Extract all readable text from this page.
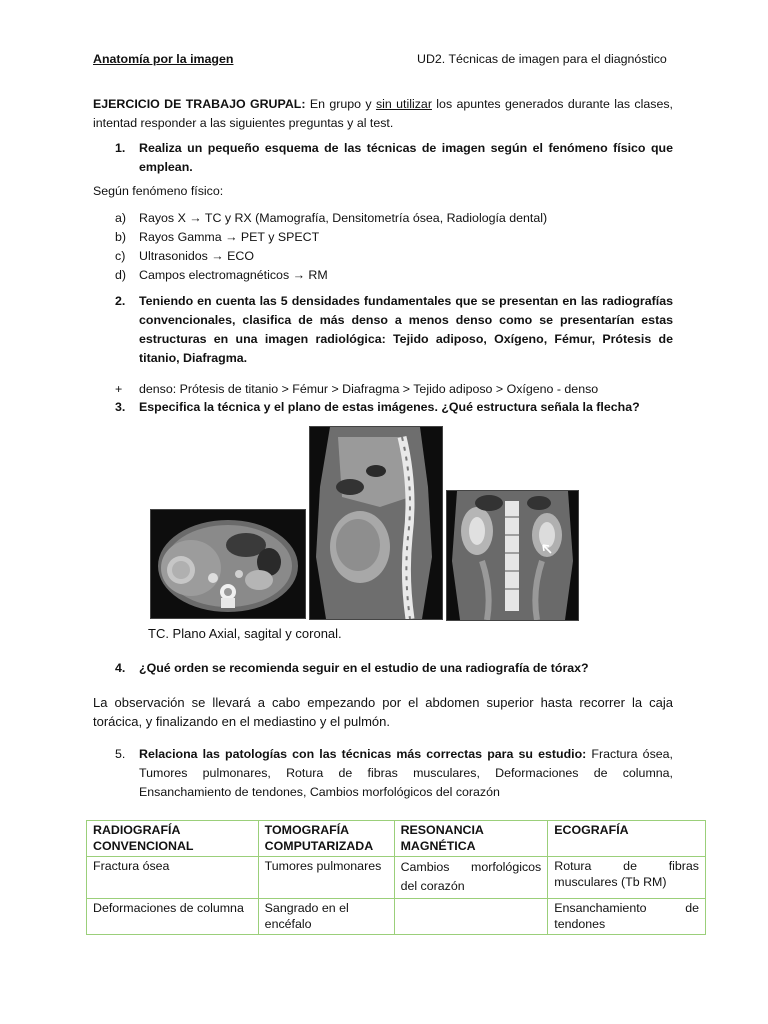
Anatomía por la imagen	UD2. Técnicas de imagen para el diagnóstico
EJERCICIO DE TRABAJO GRUPAL: En grupo y sin utilizar los apuntes generados durante las clases, intentad responder a las siguientes preguntas y al test.
1.	Realiza un pequeño esquema de las técnicas de imagen según el fenómeno físico que emplean.
Según fenómeno físico:
a)	Rayos X → TC y RX (Mamografía, Densitometría ósea, Radiología dental)
b)	Rayos Gamma → PET y SPECT
c)	Ultrasonidos → ECO
d)	Campos electromagnéticos → RM
2.	Teniendo en cuenta las 5 densidades fundamentales que se presentan en las radiografías convencionales, clasifica de más denso a menos denso como se presentarían estas estructuras en una imagen radiológica: Tejido adiposo, Oxígeno, Fémur, Prótesis de titanio, Diafragma.
+	denso: Prótesis de titanio > Fémur > Diafragma > Tejido adiposo > Oxígeno - denso
3.	Especifica la técnica y el plano de estas imágenes. ¿Qué estructura señala la flecha?
TC. Plano Axial, sagital y coronal.
4.	¿Qué orden se recomienda seguir en el estudio de una radiografía de tórax?
La observación se llevará a cabo empezando por el abdomen superior hasta recorrer la caja torácica, y finalizando en el mediastino y el pulmón.
5.	Relaciona las patologías con las técnicas más correctas para su estudio: Fractura ósea, Tumores pulmonares, Rotura de fibras musculares, Deformaciones de columna, Ensanchamiento de tendones, Cambios morfológicos del corazón
RADIOGRAFÍA CONVENCIONAL	TOMOGRAFÍA COMPUTARIZADA	RESONANCIA MAGNÉTICA	ECOGRAFÍA
Fractura ósea	Tumores pulmonares	Cambios morfológicos del corazón	Rotura de fibras musculares (Tb RM)
Deformaciones de columna	Sangrado en el encéfalo		Ensanchamiento de tendones
